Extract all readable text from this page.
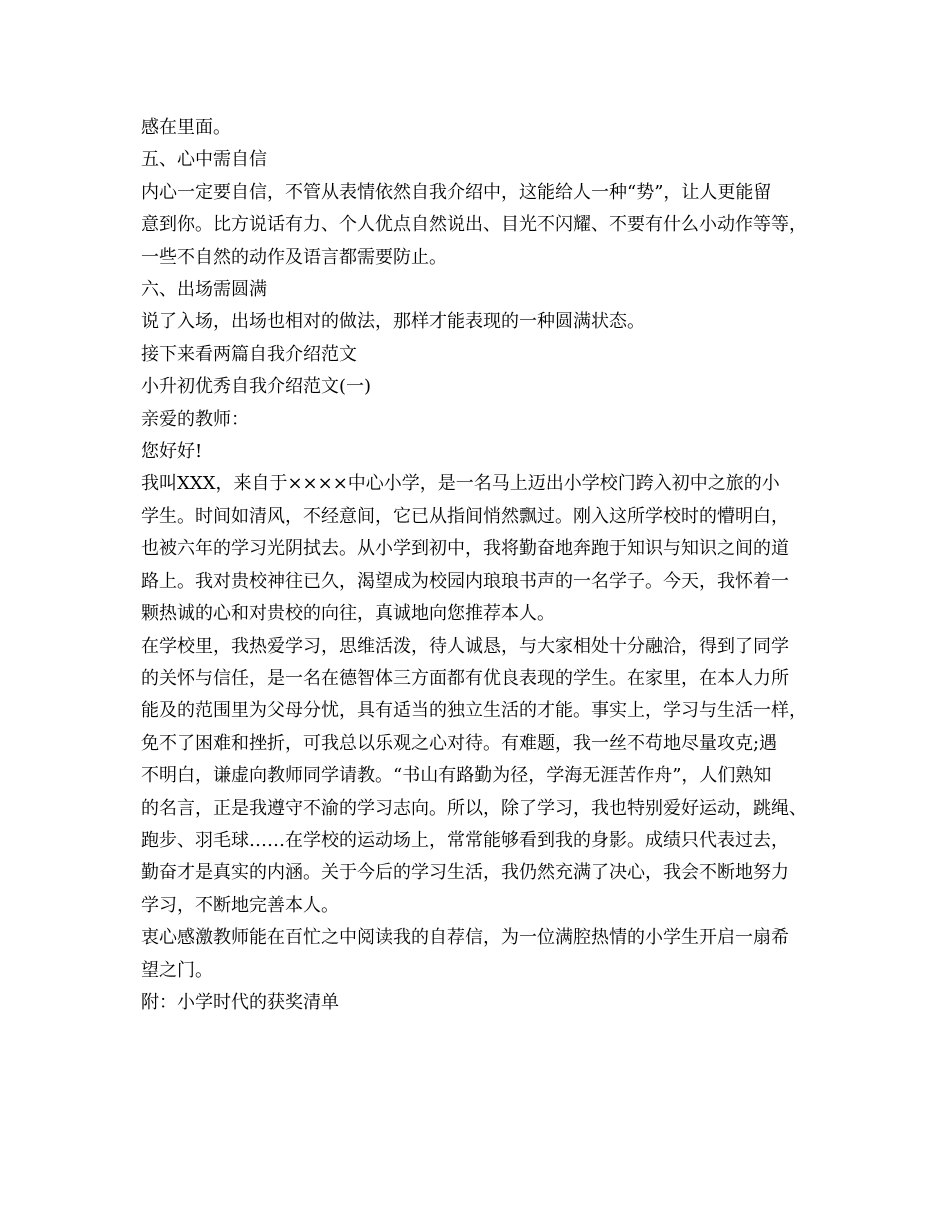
感在里面。

五、心中需自信

内心一定要自信，不管从表情依然自我介绍中，这能给人一种“势”，让人更能留
意到你。比方说话有力、个人优点自然说出、目光不闪耀、不要有什么小动作等等，
一些不自然的动作及语言都需要防止。

六、出场需圆满

说了入场，出场也相对的做法，那样才能表现的一种圆满状态。

接下来看两篇自我介绍范文

小升初优秀自我介绍范文(一)

亲爱的教师：

您好好!

我叫XXX，来自于××××中心小学，是一名马上迈出小学校门跨入初中之旅的小
学生。时间如清风，不经意间，它已从指间悄然飘过。刚入这所学校时的懵明白，
也被六年的学习光阴拭去。从小学到初中，我将勤奋地奔跑于知识与知识之间的道
路上。我对贵校神往已久，渴望成为校园内琅琅书声的一名学子。今天，我怀着一
颗热诚的心和对贵校的向往，真诚地向您推荐本人。

在学校里，我热爱学习，思维活泼，待人诚恳，与大家相处十分融洽，得到了同学
的关怀与信任，是一名在德智体三方面都有优良表现的学生。在家里，在本人力所
能及的范围里为父母分忧，具有适当的独立生活的才能。事实上，学习与生活一样，
免不了困难和挫折，可我总以乐观之心对待。有难题，我一丝不苟地尽量攻克;遇
不明白，谦虚向教师同学请教。“书山有路勤为径，学海无涯苦作舟”，人们熟知
的名言，正是我遵守不渝的学习志向。所以，除了学习，我也特别爱好运动，跳绳、
跑步、羽毛球……在学校的运动场上，常常能够看到我的身影。成绩只代表过去，
勤奋才是真实的内涵。关于今后的学习生活，我仍然充满了决心，我会不断地努力
学习，不断地完善本人。

衷心感激教师能在百忙之中阅读我的自荐信，为一位满腔热情的小学生开启一扇希
望之门。

附：小学时代的获奖清单
